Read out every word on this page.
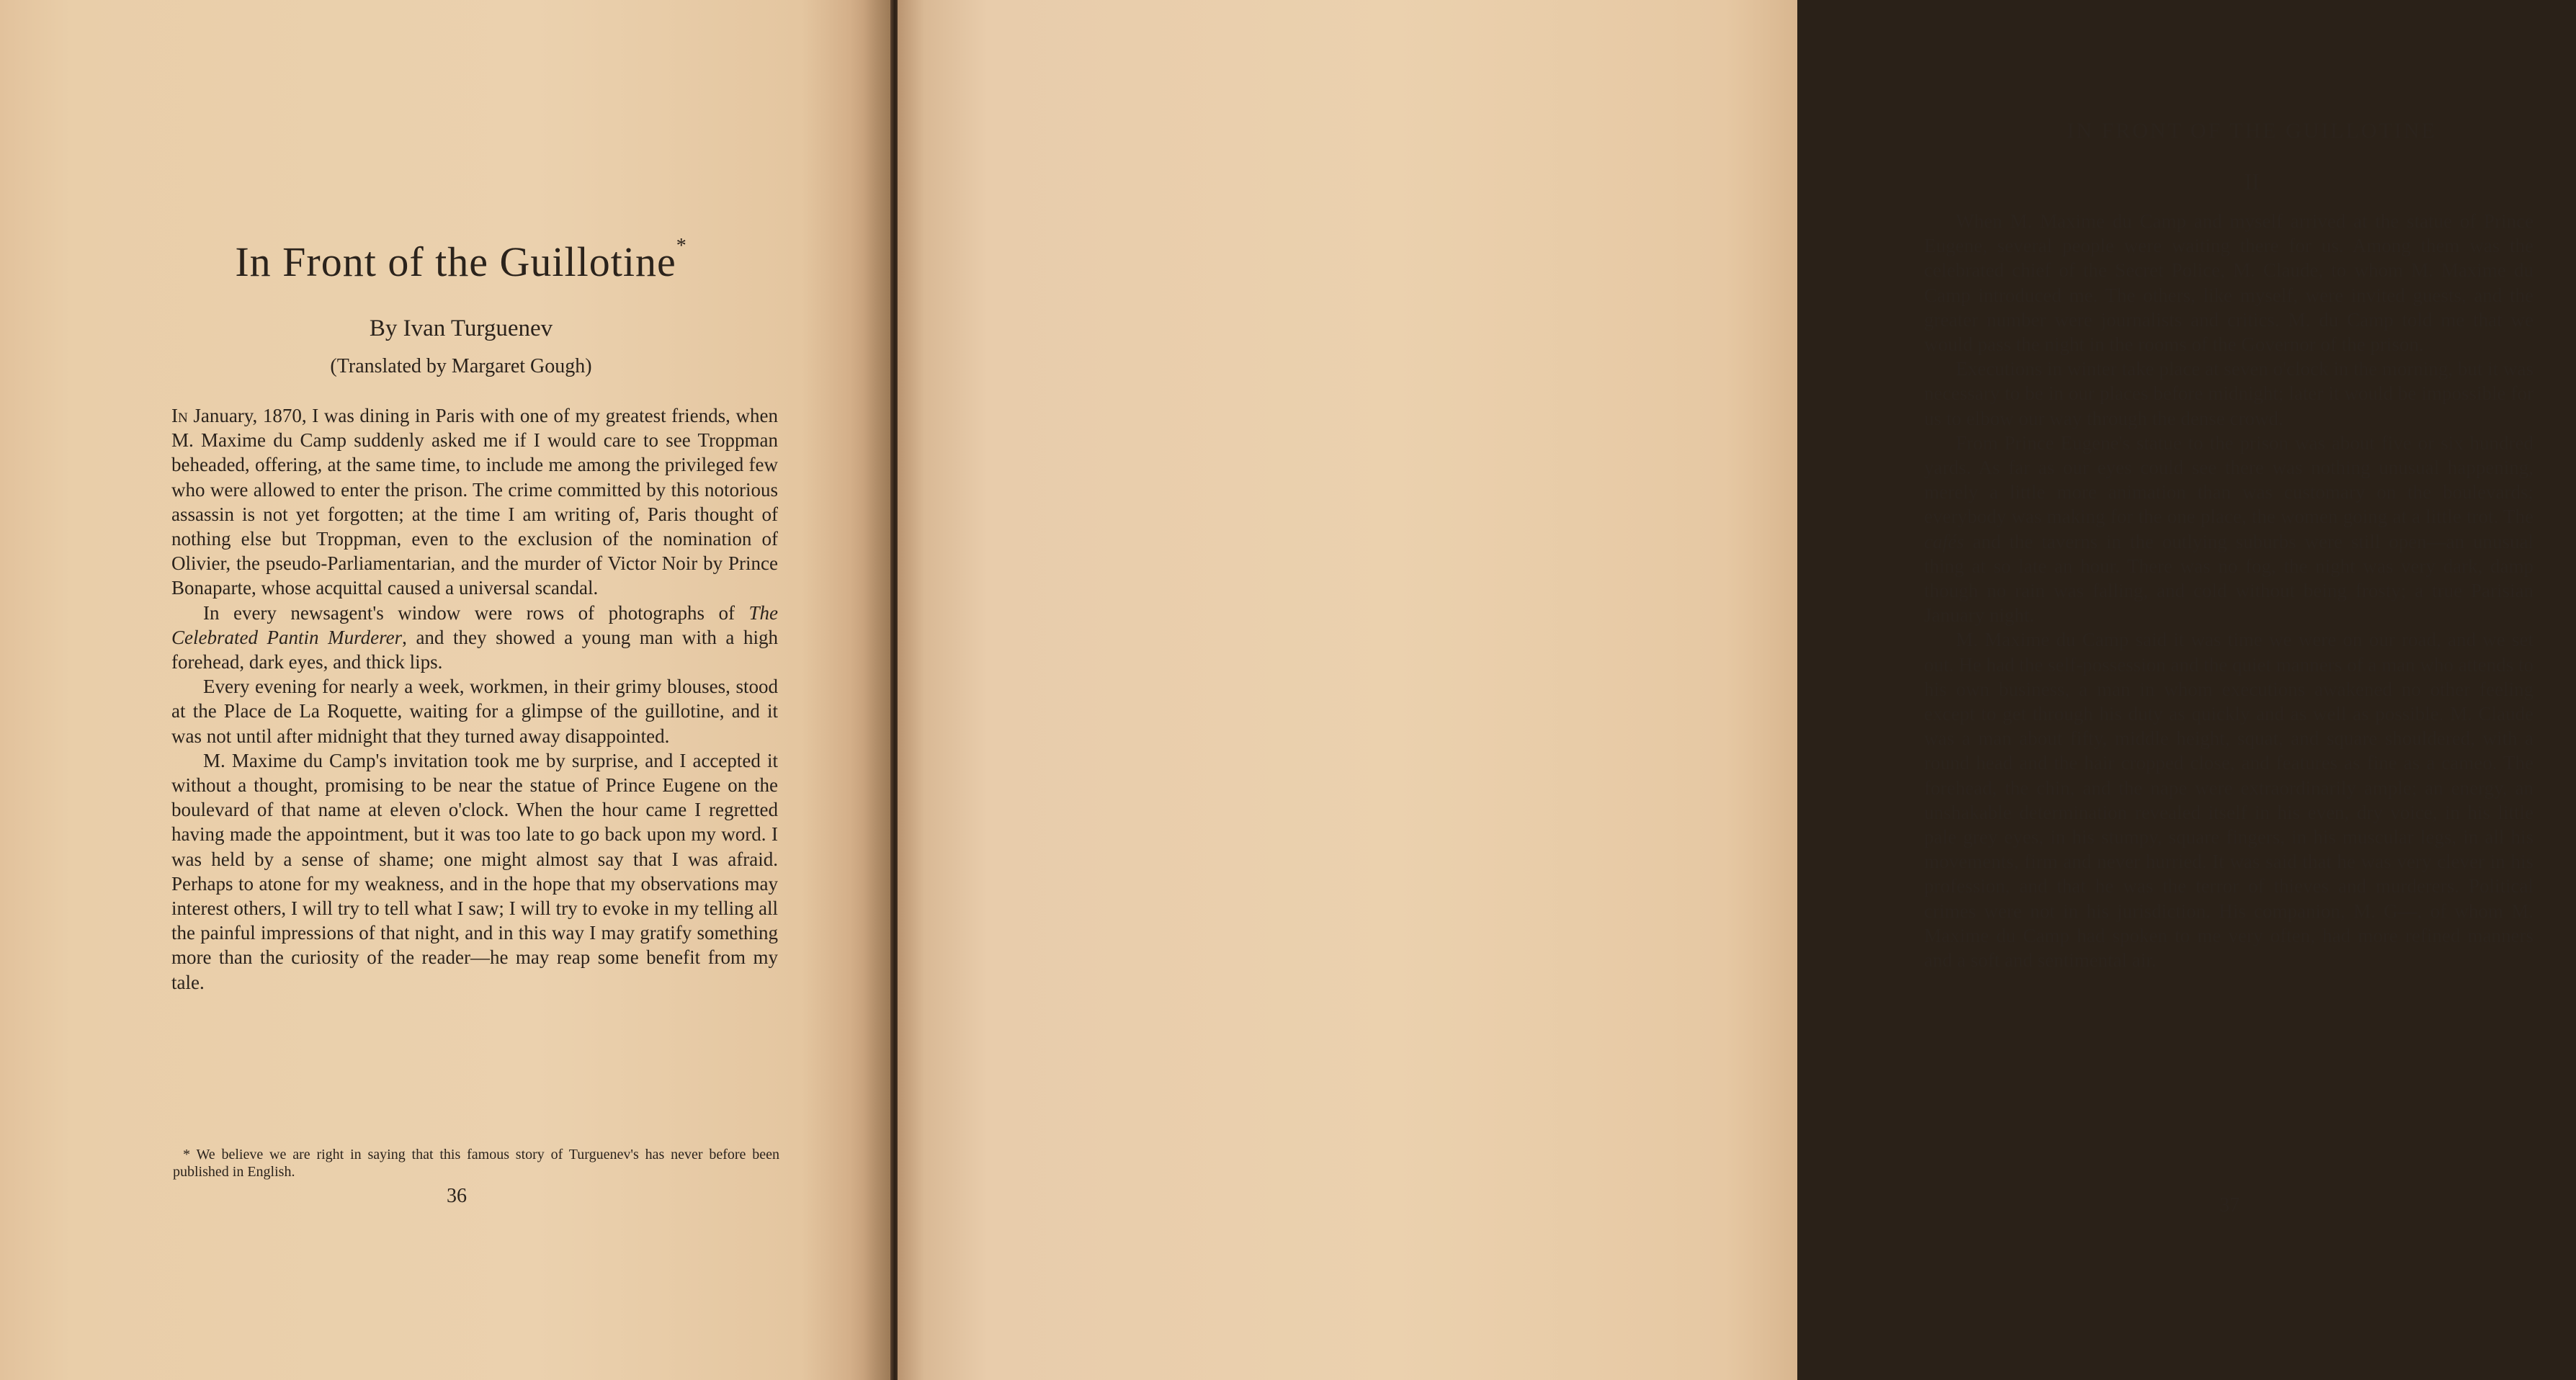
In Front of the Guillotine*
By Ivan Turguenev
(Translated by Margaret Gough)

In January, 1870, I was dining in Paris with one of my greatest friends, when M. Maxime du Camp suddenly asked me if I would care to see Troppman beheaded, offering, at the same time, to include me among the privileged few who were allowed to enter the prison. The crime committed by this notorious assassin is not yet forgotten; at the time I am writing of, Paris thought of nothing else but Troppman, even to the exclusion of the nomination of Olivier, the pseudo-Parliamentarian, and the murder of Victor Noir by Prince Bonaparte, whose acquittal caused a universal scandal.

In every newsagent's window were rows of photographs of The Celebrated Pantin Murderer, and they showed a young man with a high forehead, dark eyes, and thick lips.

Every evening for nearly a week, workmen, in their grimy blouses, stood at the Place de La Roquette, waiting for a glimpse of the guillotine, and it was not until after midnight that they turned away disappointed.

M. Maxime du Camp's invitation took me by surprise, and I accepted it without a thought, promising to be near the statue of Prince Eugene on the boulevard of that name at eleven o'clock. When the hour came I regretted having made the appointment, but it was too late to go back upon my word. I was held by a sense of shame; one might almost say that I was afraid. Perhaps to atone for my weakness, and in the hope that my observations may interest others, I will try to tell what I saw; I will try to evoke in my telling all the painful impressions of that night, and in this way I may gratify something more than the curiosity of the reader—he may reap some benefit from my tale.

* We believe we are right in saying that this famous story of Turguenev's has never before been published in English.
36
IN FRONT OF THE GUILLOTINE
II

When M. Maxime du Camp and myself arrived at the statue of Prince Eugene, several people were waiting there for us. Among them was the celebrated chief of the Secret Police, M. Claude, to whom M. Maxime du Camp introduced me. The others, like myself, were invited guests, and the greater number were journalists and critics. M. du Camp told me that we would pass the night in the rooms of the Governor of the prison.

Executions in winter take place at seven o'clock in the morning, but it was necessary to be in our places before midnight; later it would be impossible for us to elbow our way through the dense crowd.

From Prince Eugene's statue to the prison was about five or six hundred yards. As far as our eyes could see there was nothing unusual happening, merely a little more animation than was customary on the boulevards; everybody was making for the one place, the women going at a little trot. The cafés and the taverns in the outlying suburbs were still open—an unusual thing at so late an hour. There was no fog, the night was very dark, damp though no rain was falling, and cold without being frosty; a true Parisian January night.

M. Maxime du Camp said it was time we were on our road, and we set out. He had the self-possession and the quiet manners of a man who attends to his own business, a man in whom executions awakened no other feeling except to get through his duty as quickly and as well as possible. M. Claude was a man about fifty, middle height, squat, and square shouldered, with a round head and the hair cropped close, and features as fine as a cameo. The forehead, the chin, and the nape were extraordinarily ample; an energy, an unshakable determination revealed itself in his even, dry voice, in his little pale grey eyes, in his stumpy, square fingers, in his muscular legs, in all his movements, firm and never hurried. It was said that he was very clever in his profession, and that he was the terror of thieves and murderers. Political crimes were not in his jurisdiction. His companion, M. G—, of whom M. Maxime du Camp had spoken to me very often, had more refined manners and a soft and sentimental air.

37
